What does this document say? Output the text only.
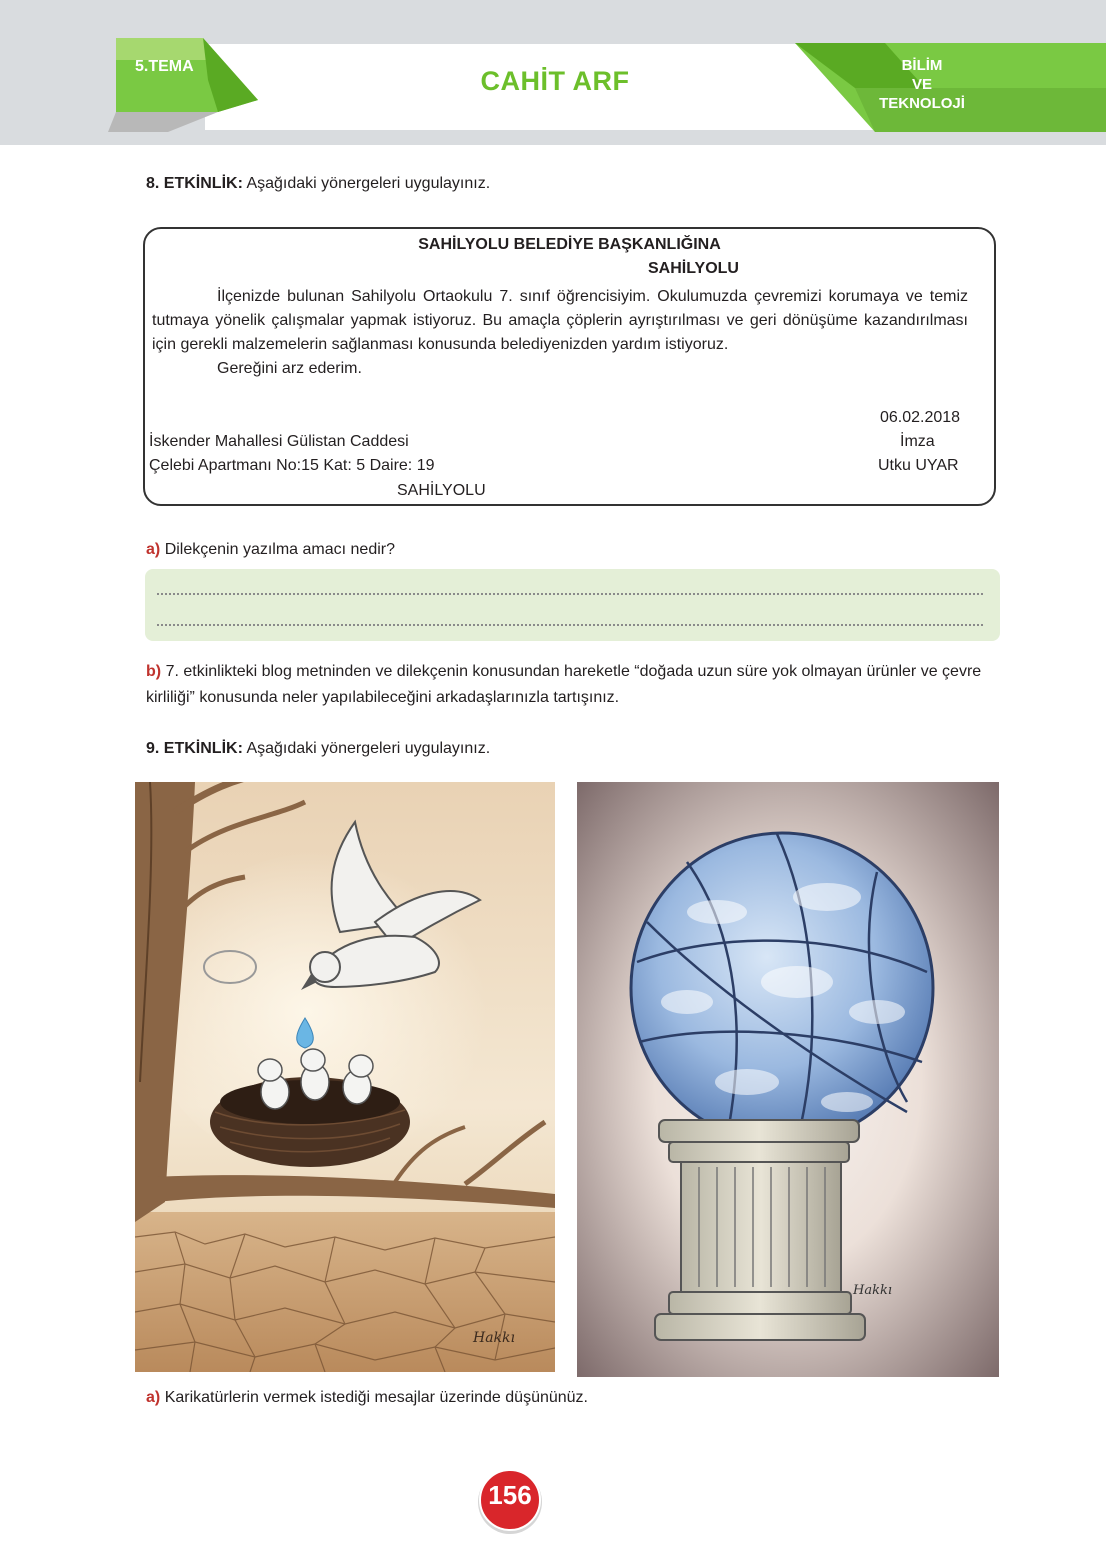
5.TEMA	CAHİT ARF
BİLİM
VE
TEKNOLOJİ
8. ETKİNLİK: Aşağıdaki yönergeleri uygulayınız.
SAHİLYOLU BELEDİYE BAŞKANLIĞINA
SAHİLYOLU

İlçenizde bulunan Sahilyolu Ortaokulu 7. sınıf öğrencisiyim. Okulumuzda çevremizi korumaya ve temiz tutmaya yönelik çalışmalar yapmak istiyoruz. Bu amaçla çöplerin ayrıştırılması ve geri dönüşüme kazandırılması için gerekli malzemelerin sağlanması konusunda belediyenizden yardım istiyoruz.

Gereğini arz ederim.

06.02.2018
İskender Mahallesi Gülistan Caddesi	İmza
Çelebi Apartmanı No:15 Kat: 5 Daire: 19	Utku UYAR
SAHİLYOLU
a) Dilekçenin yazılma amacı nedir?
b) 7. etkinlikteki blog metninden ve dilekçenin konusundan hareketle “doğada uzun süre yok olmayan ürünler ve çevre kirliliği” konusunda neler yapılabileceğini arkadaşlarınızla tartışınız.
9. ETKİNLİK: Aşağıdaki yönergeleri uygulayınız.
Hakkı
Hakkı
a) Karikatürlerin vermek istediği mesajlar üzerinde düşününüz.
156
